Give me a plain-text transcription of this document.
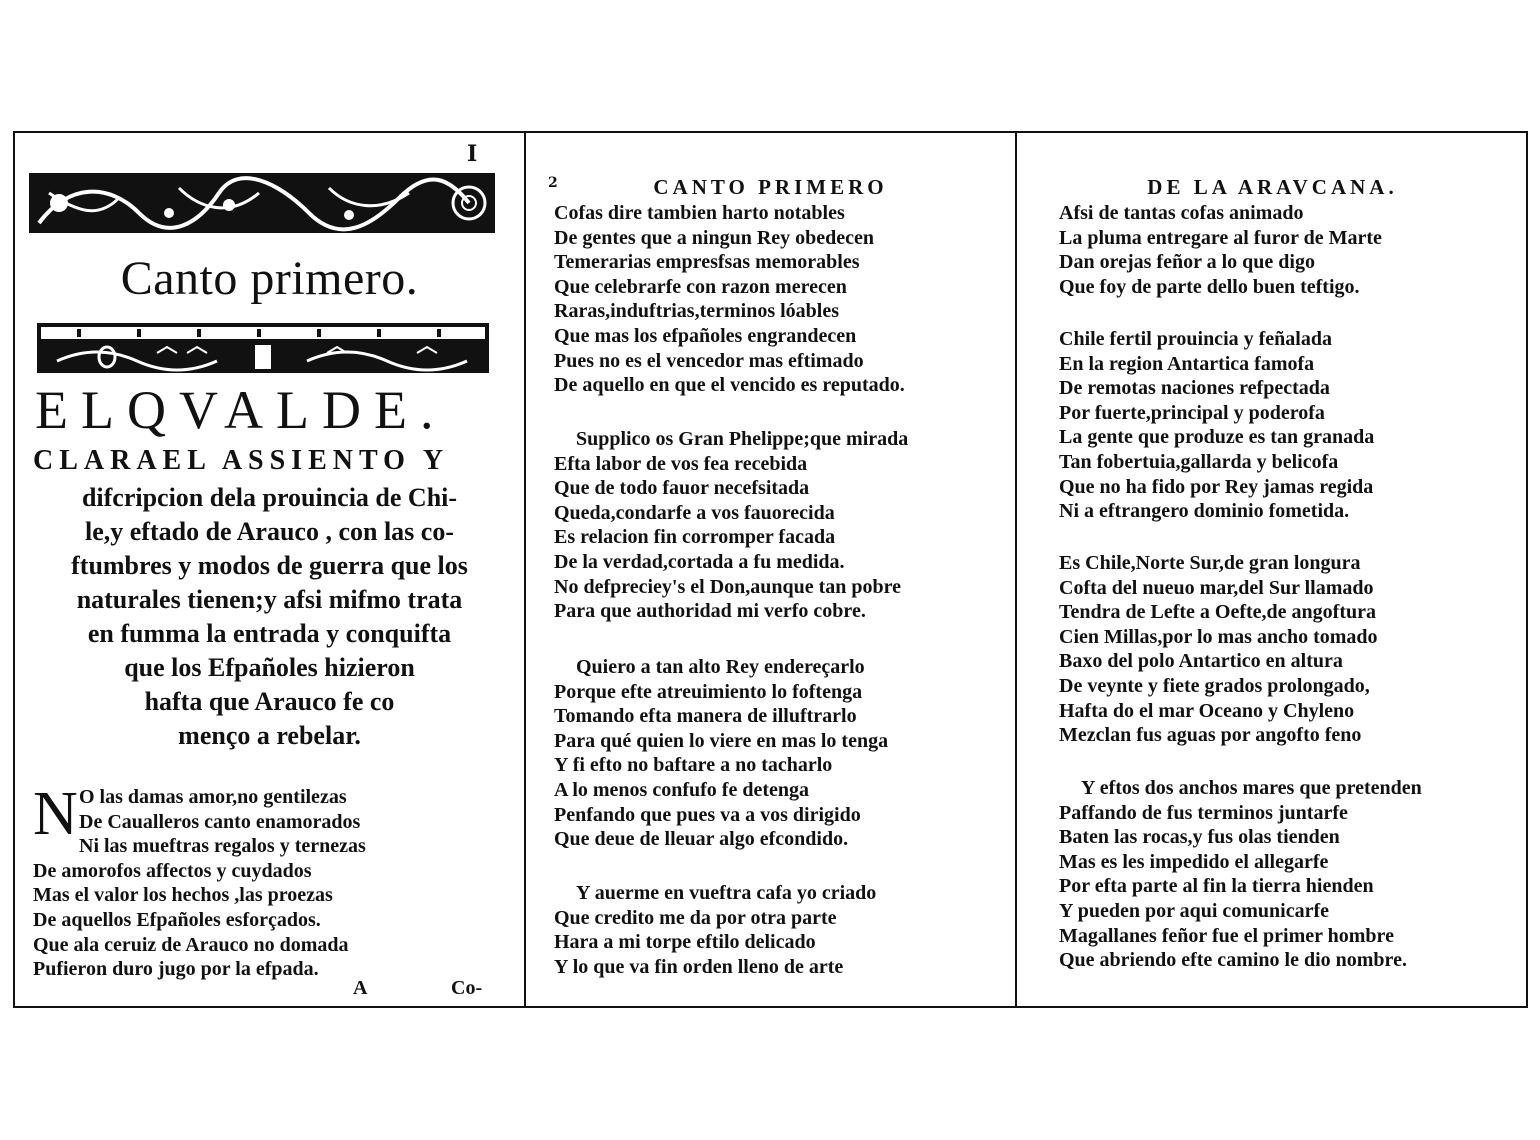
I
Canto primero.
ELQVALDE.
CLARAEL ASSIENTO Y
difcripcion dela prouincia de Chi-
le,y eftado de Arauco , con las co-
ftumbres y modos de guerra que los
naturales tienen;y afsi mifmo trata
en fumma la entrada y conquifta
que los Efpañoles hizieron
hafta que Arauco fe co
menço a rebelar.
N O las damas amor,no gentilezas
De Caualleros canto enamorados
Ni las mueftras regalos y ternezas
De amorofos affectos y cuydados
Mas el valor los hechos ,las proezas
De aquellos Efpañoles esforçados.
Que ala ceruiz de Arauco no domada
Pufieron duro jugo por la efpada.
A	Co-
2	CANTO PRIMERO
Cofas dire tambien harto notables
De gentes que a ningun Rey obedecen
Temerarias empresfsas memorables
Que celebrarfe con razon merecen
Raras,induftrias,terminos lóables
Que mas los efpañoles engrandecen
Pues no es el vencedor mas eftimado
De aquello en que el vencido es reputado.
Supplico os Gran Phelippe;que mirada
Efta labor de vos fea recebida
Que de todo fauor necefsitada
Queda,condarfe a vos fauorecida
Es relacion fin corromper facada
De la verdad,cortada a fu medida.
No defpreciey's el Don,aunque tan pobre
Para que authoridad mi verfo cobre.
Quiero a tan alto Rey endereçarlo
Porque efte atreuimiento lo foftenga
Tomando efta manera de illuftrarlo
Para qué quien lo viere en mas lo tenga
Y fi efto no baftare a no tacharlo
A lo menos confufo fe detenga
Penfando que pues va a vos dirigido
Que deue de lleuar algo efcondido.
Y auerme en vueftra cafa yo criado
Que credito me da por otra parte
Hara a mi torpe eftilo delicado
Y lo que va fin orden lleno de arte
DE LA ARAVCANA.
Afsi de tantas cofas animado
La pluma entregare al furor de Marte
Dan orejas feñor a lo que digo
Que foy de parte dello buen teftigo.
Chile fertil prouincia y feñalada
En la region Antartica famofa
De remotas naciones refpectada
Por fuerte,principal y poderofa
La gente que produze es tan granada
Tan fobertuia,gallarda y belicofa
Que no ha fido por Rey jamas regida
Ni a eftrangero dominio fometida.
Es Chile,Norte Sur,de gran longura
Cofta del nueuo mar,del Sur llamado
Tendra de Lefte a Oefte,de angoftura
Cien Millas,por lo mas ancho tomado
Baxo del polo Antartico en altura
De veynte y fiete grados prolongado,
Hafta do el mar Oceano y Chyleno
Mezclan fus aguas por angofto feno
Y eftos dos anchos mares que pretenden
Paffando de fus terminos juntarfe
Baten las rocas,y fus olas tienden
Mas es les impedido el allegarfe
Por efta parte al fin la tierra hienden
Y pueden por aqui comunicarfe
Magallanes feñor fue el primer hombre
Que abriendo efte camino le dio nombre.
